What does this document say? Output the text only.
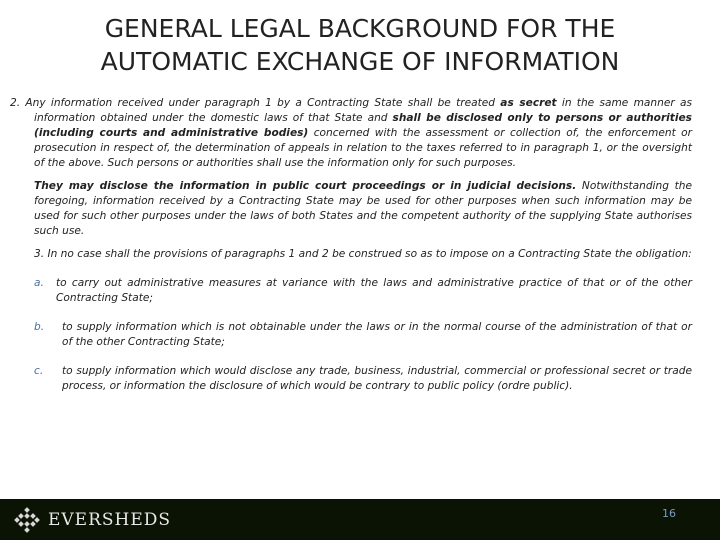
GENERAL LEGAL BACKGROUND FOR THE
AUTOMATIC EXCHANGE OF INFORMATION

2. Any information received under paragraph 1 by a Contracting State shall be treated as secret in the same manner as information obtained under the domestic laws of that State and shall be disclosed only to persons or authorities (including courts and administrative bodies) concerned with the assessment or collection of, the enforcement or prosecution in respect of, the determination of appeals in relation to the taxes referred to in paragraph 1, or the oversight of the above. Such persons or authorities shall use the information only for such purposes.

They may disclose the information in public court proceedings or in judicial decisions. Notwithstanding the foregoing, information received by a Contracting State may be used for other purposes when such information may be used for such other purposes under the laws of both States and the competent authority of the supplying State authorises such use.

3. In no case shall the provisions of paragraphs 1 and 2 be construed so as to impose on a Contracting State the obligation:

a. to carry out administrative measures at variance with the laws and administrative practice of that or of the other Contracting State;
b. to supply information which is not obtainable under the laws or in the normal course of the administration of that or of the other Contracting State;
c. to supply information which would disclose any trade, business, industrial, commercial or professional secret or trade process, or information the disclosure of which would be contrary to public policy (ordre public).
EVERSHEDS	16
